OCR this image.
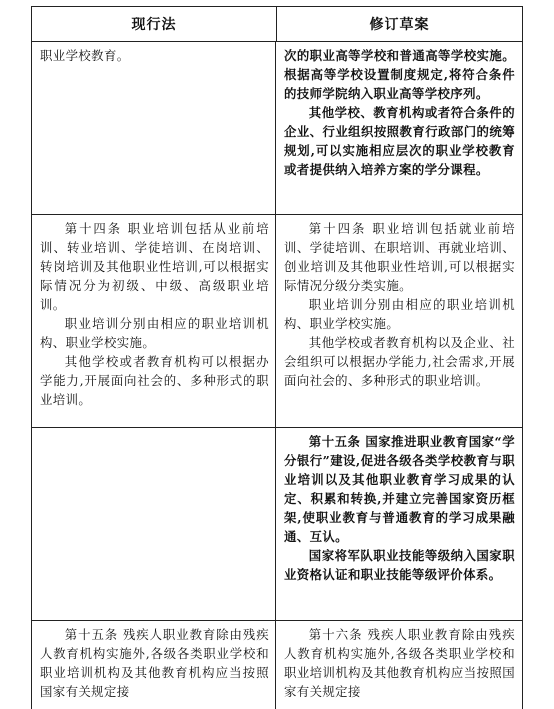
现行法	修订草案

职业学校教育。	次的职业高等学校和普通高等学校实施。根据高等学校设置制度规定,将符合条件的技师学院纳入职业高等学校序列。

其他学校、教育机构或者符合条件的企业、行业组织按照教育行政部门的统筹规划,可以实施相应层次的职业学校教育或者提供纳入培养方案的学分课程。

第十四条 职业培训包括从业前培训、转业培训、学徒培训、在岗培训、转岗培训及其他职业性培训,可以根据实际情况分为初级、中级、高级职业培训。

职业培训分别由相应的职业培训机构、职业学校实施。

其他学校或者教育机构可以根据办学能力,开展面向社会的、多种形式的职业培训。

第十四条 职业培训包括就业前培训、学徒培训、在职培训、再就业培训、创业培训及其他职业性培训,可以根据实际情况分级分类实施。

职业培训分别由相应的职业培训机构、职业学校实施。

其他学校或者教育机构以及企业、社会组织可以根据办学能力,社会需求,开展面向社会的、多种形式的职业培训。

第十五条 国家推进职业教育国家“学分银行”建设,促进各级各类学校教育与职业培训以及其他职业教育学习成果的认定、积累和转换,并建立完善国家资历框架,使职业教育与普通教育的学习成果融通、互认。

国家将军队职业技能等级纳入国家职业资格认证和职业技能等级评价体系。

第十五条 残疾人职业教育除由残疾人教育机构实施外,各级各类职业学校和职业培训机构及其他教育机构应当按照国家有关规定接

第十六条 残疾人职业教育除由残疾人教育机构实施外,各级各类职业学校和职业培训机构及其他教育机构应当按照国家有关规定接
